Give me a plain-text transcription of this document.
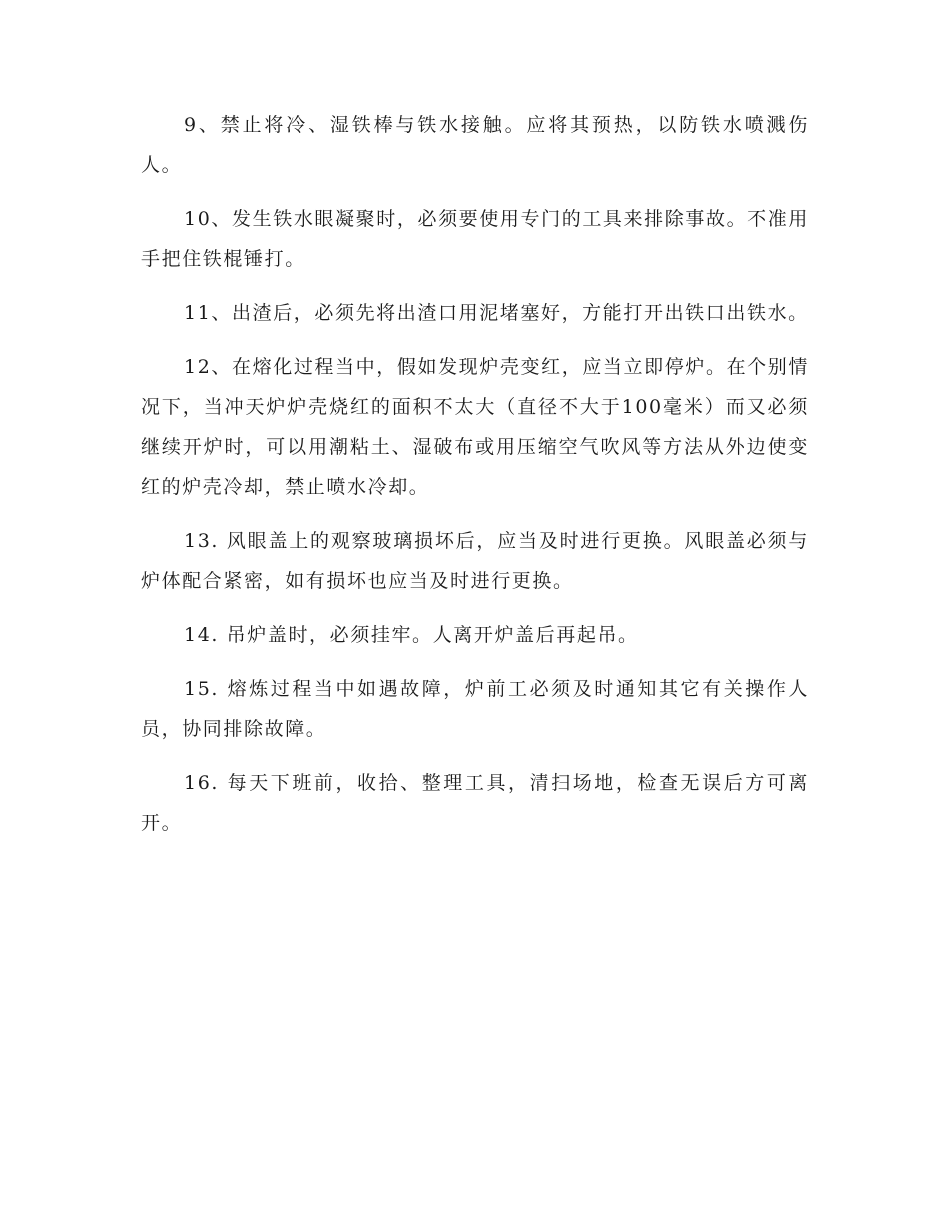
9、禁止将冷、湿铁棒与铁水接触。应将其预热，以防铁水喷溅伤人。

10、发生铁水眼凝聚时，必须要使用专门的工具来排除事故。不准用手把住铁棍锤打。

11、出渣后，必须先将出渣口用泥堵塞好，方能打开出铁口出铁水。

12、在熔化过程当中，假如发现炉壳变红，应当立即停炉。在个别情况下，当冲天炉炉壳烧红的面积不太大（直径不大于100毫米）而又必须继续开炉时，可以用潮粘土、湿破布或用压缩空气吹风等方法从外边使变红的炉壳冷却，禁止喷水冷却。

13. 风眼盖上的观察玻璃损坏后，应当及时进行更换。风眼盖必须与炉体配合紧密，如有损坏也应当及时进行更换。

14. 吊炉盖时，必须挂牢。人离开炉盖后再起吊。

15. 熔炼过程当中如遇故障，炉前工必须及时通知其它有关操作人员，协同排除故障。

16. 每天下班前，收拾、整理工具，清扫场地，检查无误后方可离开。
